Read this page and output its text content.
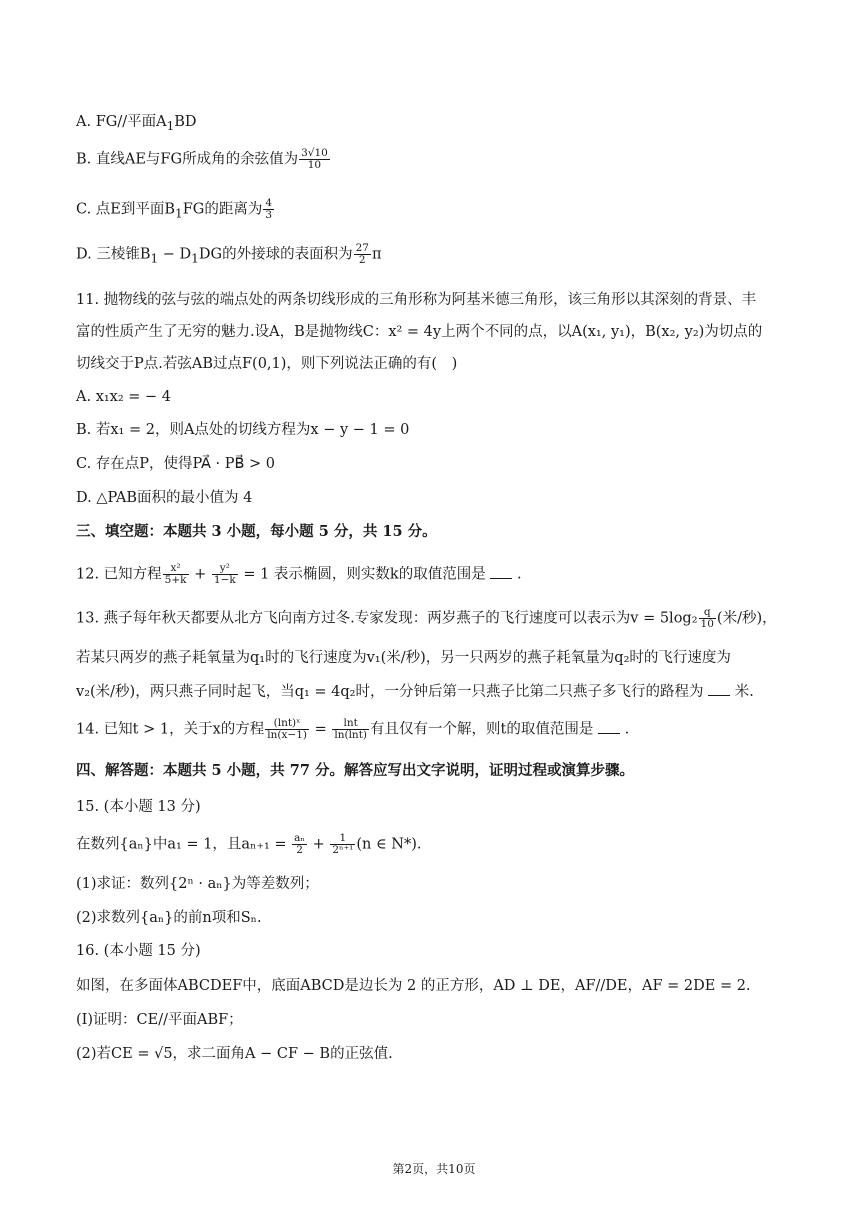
A. FG//平面$A_1BD$
B. 直线AE与FG所成角的余弦值为 $\frac{3√10}{10}$
C. 点E到平面$B_1FG$的距离为 $\frac{4}{3}$
D. 三棱锥$B_1 - D_1DG$的外接球的表面积为 $\frac{27}{2}$ π
11. 抛物线的弦与弦的端点处的两条切线形成的三角形称为阿基米德三角形，该三角形以其深刻的背景、丰
富的性质产生了无穷的魅力.设A，B是抛物线C：x² = 4y上两个不同的点，以A(x₁, y₁)，B(x₂, y₂)为切点的
切线交于P点.若弦AB过点F(0,1)，则下列说法正确的有(　)
A. x₁x₂ = − 4
B. 若x₁ = 2，则A点处的切线方程为x − y − 1 = 0
C. 存在点P，使得PA⃗ · PB⃗ > 0
D. △PAB面积的最小值为 4
三、填空题：本题共 3 小题，每小题 5 分，共 15 分。
12. 已知方程 $\frac{\text{x²}}{5+k} + \frac{\text{y²}}{1-k} = 1$ 表示椭圆，则实数k的取值范围是 .
13. 燕子每年秋天都要从北方飞向南方过冬.专家发现：两岁燕子的飞行速度可以表示为$v = 5\log_2 \frac{q}{10}$ (米/秒)，
若某只两岁的燕子耗氧量为q₁时的飞行速度为v₁(米/秒)，另一只两岁的燕子耗氧量为q₂时的飞行速度为
v₂(米/秒)，两只燕子同时起飞，当q₁ = 4q₂时，一分钟后第一只燕子比第二只燕子多飞行的路程为 米.
14. 已知t > 1，关于x的方程 $\frac{\text{(lnt)ˣ}}{\ln(x-1)} = \frac{\ln t}{\ln(\ln t)}$ 有且仅有一个解，则t的取值范围是 .
四、解答题：本题共 5 小题，共 77 分。解答应写出文字说明，证明过程或演算步骤。
15. (本小题 13 分)
在数列{aₙ}中a₁ = 1，且$a_{n+1} = \frac{\text{aₙ}}{2} + \frac{1}{\text{2ⁿ⁺¹}} (n$ ∈ N*).
(1)求证：数列{2ⁿ · aₙ}为等差数列；
(2)求数列{aₙ}的前n项和Sₙ.
16. (本小题 15 分)
如图，在多面体ABCDEF中，底面ABCD是边长为 2 的正方形，AD ⊥ DE，AF//DE，AF = 2DE = 2.
(I)证明：CE//平面ABF；
(2)若CE = √5，求二面角A − CF − B的正弦值.
第2页，共10页
